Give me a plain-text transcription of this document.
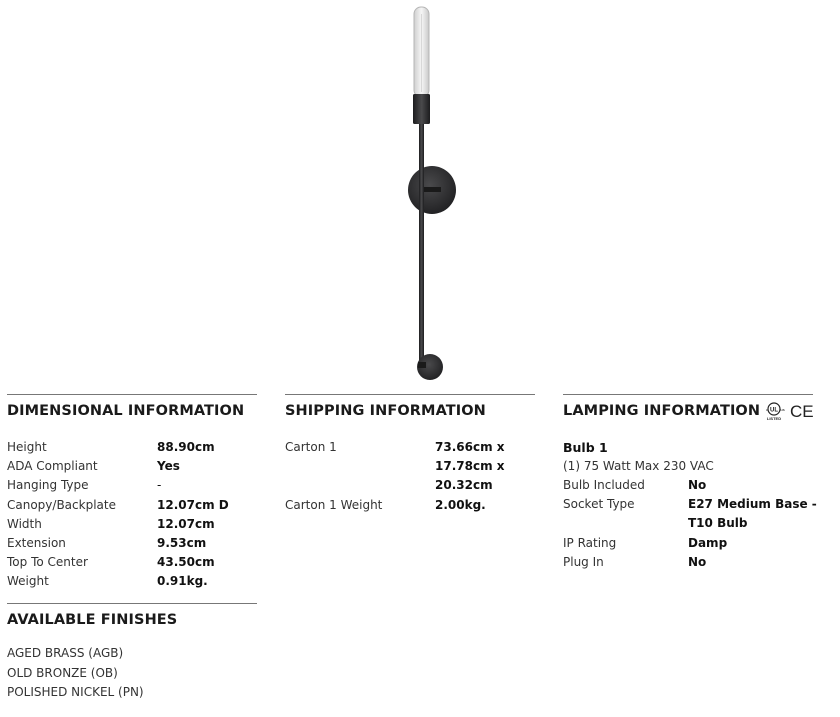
DIMENSIONAL INFORMATION
Height	88.90cm
ADA Compliant	Yes
Hanging Type	-
Canopy/Backplate	12.07cm D
Width	12.07cm
Extension	9.53cm
Top To Center	43.50cm
Weight	0.91kg.
SHIPPING INFORMATION
Carton 1	73.66cm x 17.78cm x 20.32cm
Carton 1 Weight	2.00kg.
LAMPING INFORMATION	UL
c	us
LISTED CE
Bulb 1
(1) 75 Watt Max 230 VAC
Bulb Included	No
Socket Type	E27 Medium Base - T10 Bulb
IP Rating	Damp
Plug In	No
AVAILABLE FINISHES
AGED BRASS (AGB)
OLD BRONZE (OB)
POLISHED NICKEL (PN)
